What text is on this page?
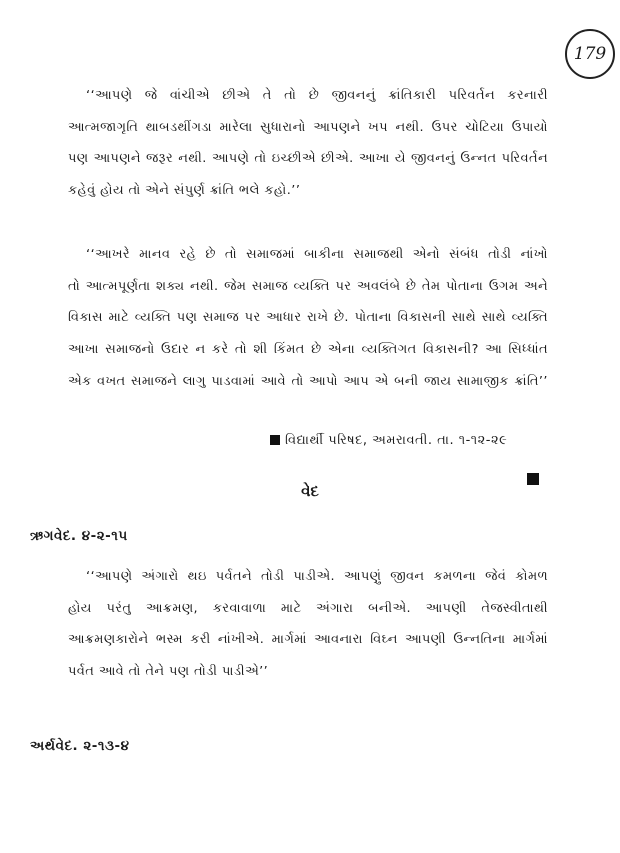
179

‘‘આપણે જે વાંચીએ છીએ તે તો છે જીવનનું ક્રાંતિકારી પરિવર્તન કરનારી
આત્મજાગૃતિ થાબડથીંગડા મારેલા સુધારાનો આપણને ખપ નથી. ઉપર ચોટિયા ઉપાયો
પણ આપણને જરૂર નથી. આપણે તો ઇચ્છીએ છીએ. આખા યે જીવનનું ઉન્નત પરિવર્તન
કહેવું હોય તો એને સંપુર્ણ ક્રાંતિ ભલે કહો.’’

‘‘આખરે માનવ રહે છે તો સમાજમાં બાકીના સમાજથી એનો સંબંધ તોડી નાંખો
તો આત્મપૂર્ણતા શક્ય નથી. જેમ સમાજ વ્યક્તિ પર અવલંબે છે તેમ પોતાના ઉગમ અને
વિકાસ માટે વ્યક્તિ પણ સમાજ પર આધાર રાખે છે. પોતાના વિકાસની સાથે સાથે વ્યક્તિ
આખા સમાજનો ઉદાર ન કરે તો શી કિંમત છે એના વ્યક્તિગત વિકાસની? આ સિધ્ધાંત
એક વખત સમાજને લાગુ પાડવામાં આવે તો આપો આપ એ બની જાય સામાજીક ક્રાંતિ’’

વિદ્યાર્થી પરિષદ, અમરાવતી. તા. ૧-૧૨-૨૯
વેદ
ઋગવેદ. ૪-૨-૧૫

‘‘આપણે અંગારો થઇ પર્વતને તોડી પાડીએ. આપણું જીવન કમળના જેવં કોમળ
હોય પરંતુ આક્રમણ, કરવાવાળા માટે અંગારા બનીએ. આપણી તેજસ્વીતાથી
આક્રમણકારોને ભસ્મ કરી નાંખીએ. માર્ગમાં આવનારા વિઘ્ન આપણી ઉન્નતિના માર્ગમાં
પર્વત આવે તો તેને પણ તોડી પાડીએ’’

અર્થવેદ. ૨-૧૩-૪
